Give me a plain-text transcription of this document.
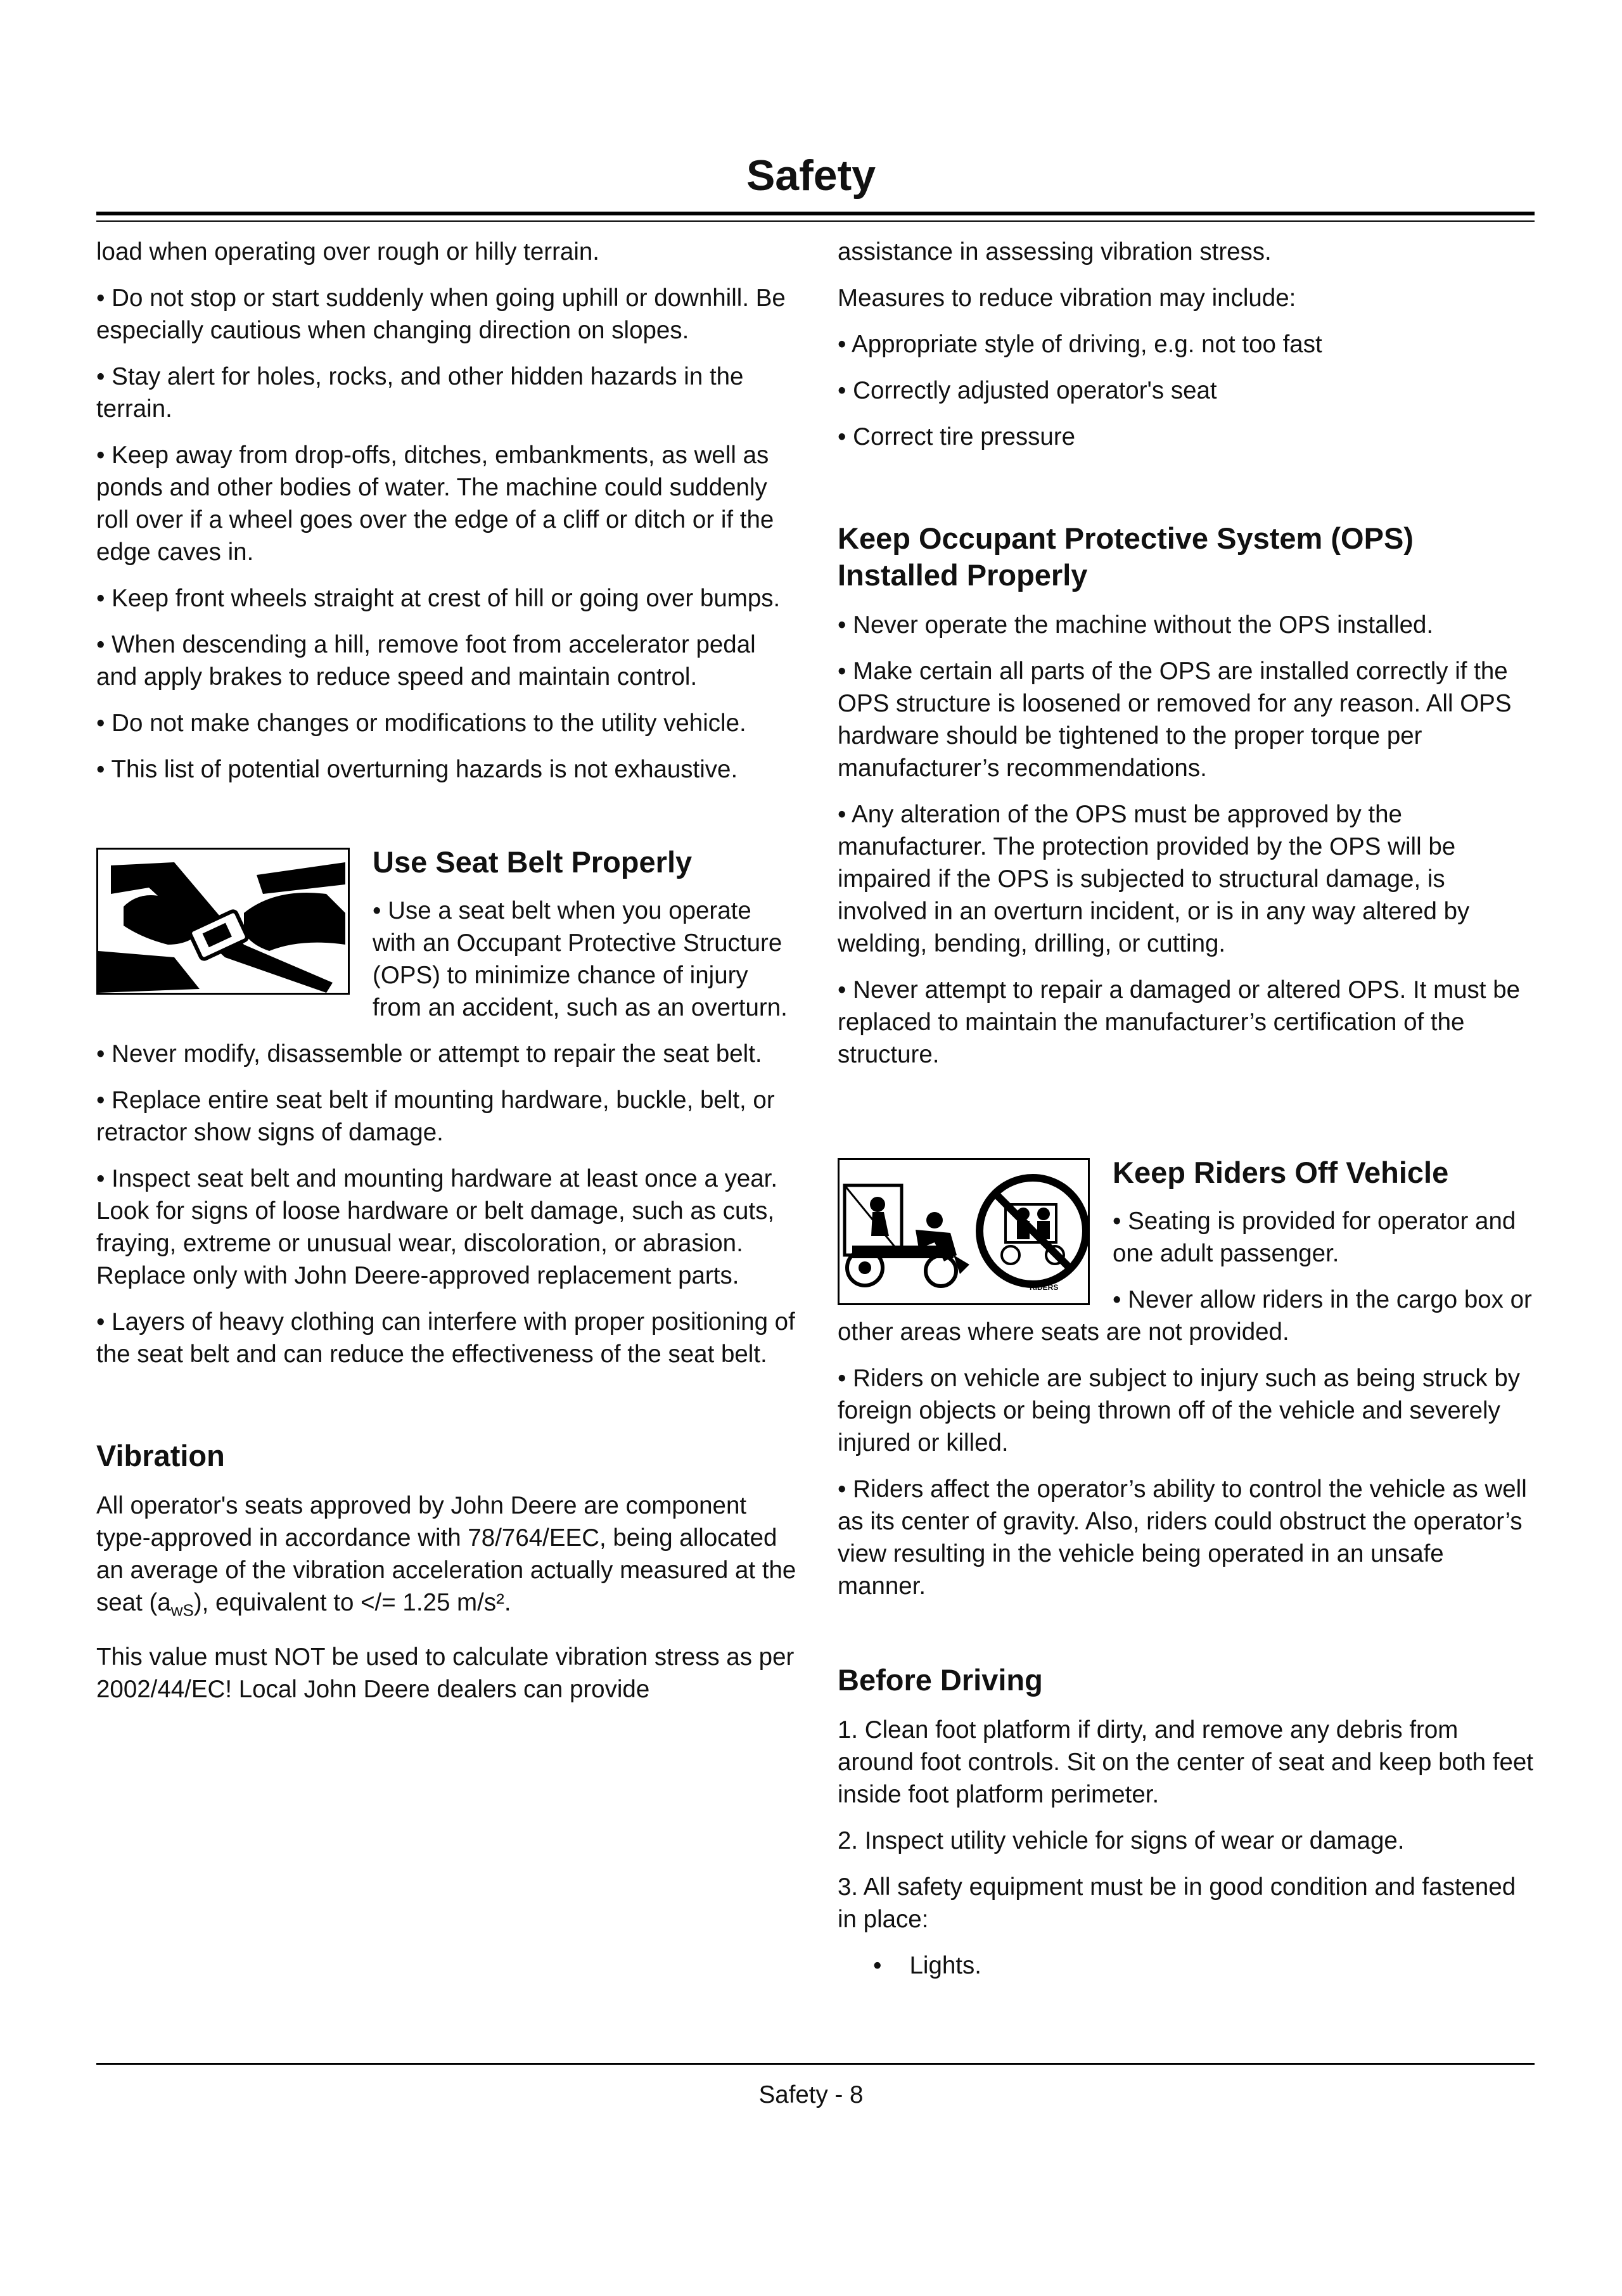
Safety

load when operating over rough or hilly terrain.

• Do not stop or start suddenly when going uphill or downhill. Be especially cautious when changing direction on slopes.

• Stay alert for holes, rocks, and other hidden hazards in the terrain.

• Keep away from drop-offs, ditches, embankments, as well as ponds and other bodies of water. The machine could suddenly roll over if a wheel goes over the edge of a cliff or ditch or if the edge caves in.

• Keep front wheels straight at crest of hill or going over bumps.

• When descending a hill, remove foot from accelerator pedal and apply brakes to reduce speed and maintain control.

• Do not make changes or modifications to the utility vehicle.

• This list of potential overturning hazards is not exhaustive.

Use Seat Belt Properly

• Use a seat belt when you operate with an Occupant Protective Structure (OPS) to minimize chance of injury from an accident, such as an overturn.

• Never modify, disassemble or attempt to repair the seat belt.

• Replace entire seat belt if mounting hardware, buckle, belt, or retractor show signs of damage.

• Inspect seat belt and mounting hardware at least once a year. Look for signs of loose hardware or belt damage, such as cuts, fraying, extreme or unusual wear, discoloration, or abrasion. Replace only with John Deere-approved replacement parts.

• Layers of heavy clothing can interfere with proper positioning of the seat belt and can reduce the effectiveness of the seat belt.

Vibration

All operator's seats approved by John Deere are component type-approved in accordance with 78/764/EEC, being allocated an average of the vibration acceleration actually measured at the seat $(a_{wS})$, equivalent to </= 1.25 m/s².

This value must NOT be used to calculate vibration stress as per 2002/44/EC! Local John Deere dealers can provide

assistance in assessing vibration stress.

Measures to reduce vibration may include:

• Appropriate style of driving, e.g. not too fast

• Correctly adjusted operator's seat

• Correct tire pressure

Keep Occupant Protective System (OPS) Installed Properly

• Never operate the machine without the OPS installed.

• Make certain all parts of the OPS are installed correctly if the OPS structure is loosened or removed for any reason. All OPS hardware should be tightened to the proper torque per manufacturer’s recommendations.

• Any alteration of the OPS must be approved by the manufacturer. The protection provided by the OPS will be impaired if the OPS is subjected to structural damage, is involved in an overturn incident, or is in any way altered by welding, bending, drilling, or cutting.

• Never attempt to repair a damaged or altered OPS. It must be replaced to maintain the manufacturer’s certification of the structure.

RIDERS
Keep Riders Off Vehicle

• Seating is provided for operator and one adult passenger.

• Never allow riders in the cargo box or other areas where seats are not provided.

• Riders on vehicle are subject to injury such as being struck by foreign objects or being thrown off of the vehicle and severely injured or killed.

• Riders affect the operator’s ability to control the vehicle as well as its center of gravity. Also, riders could obstruct the operator’s view resulting in the vehicle being operated in an unsafe manner.

Before Driving

1. Clean foot platform if dirty, and remove any debris from around foot controls. Sit on the center of seat and keep both feet inside foot platform perimeter.

2. Inspect utility vehicle for signs of wear or damage.

3. All safety equipment must be in good condition and fastened in place:

• Lights.

Safety - 8
